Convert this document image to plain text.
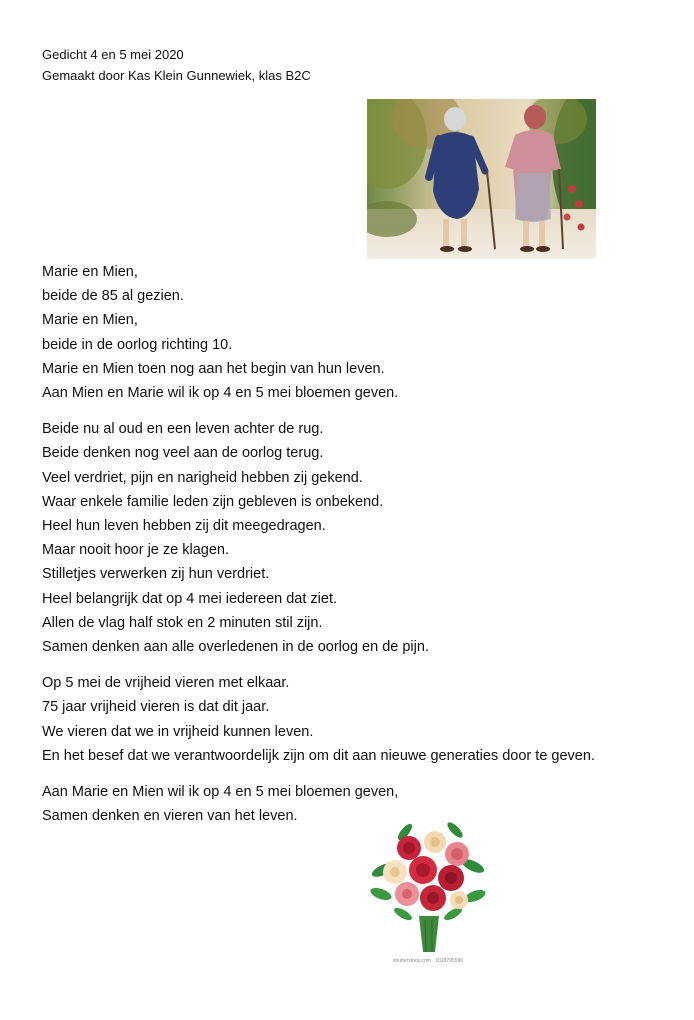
Gedicht 4 en 5 mei 2020
Gemaakt door Kas Klein Gunnewiek, klas B2C
Marie en Mien,
beide de 85 al gezien.
Marie en Mien,
beide in de oorlog richting 10.
Marie en Mien toen nog aan het begin van hun leven.
Aan Mien en Marie wil ik op 4 en 5 mei bloemen geven.
Beide nu al oud en een leven achter de rug.
Beide denken nog veel aan de oorlog terug.
Veel verdriet, pijn en narigheid hebben zij gekend.
Waar enkele familie leden zijn gebleven is onbekend.
Heel hun leven hebben zij dit meegedragen.
Maar nooit hoor je ze klagen.
Stilletjes verwerken zij hun verdriet.
Heel belangrijk dat op 4 mei iedereen dat ziet.
Allen de vlag half stok en 2 minuten stil zijn.
Samen denken aan alle overledenen in de oorlog en de pijn.
Op 5 mei de vrijheid vieren met elkaar.
75 jaar vrijheid vieren is dat dit jaar.
We vieren dat we in vrijheid kunnen leven.
En het besef dat we verantwoordelijk zijn om dit aan nieuwe generaties door te geven.
Aan Marie en Mien wil ik op 4 en 5 mei bloemen geven,
Samen denken en vieren van het leven.
shutterstock.com · 1028795596
